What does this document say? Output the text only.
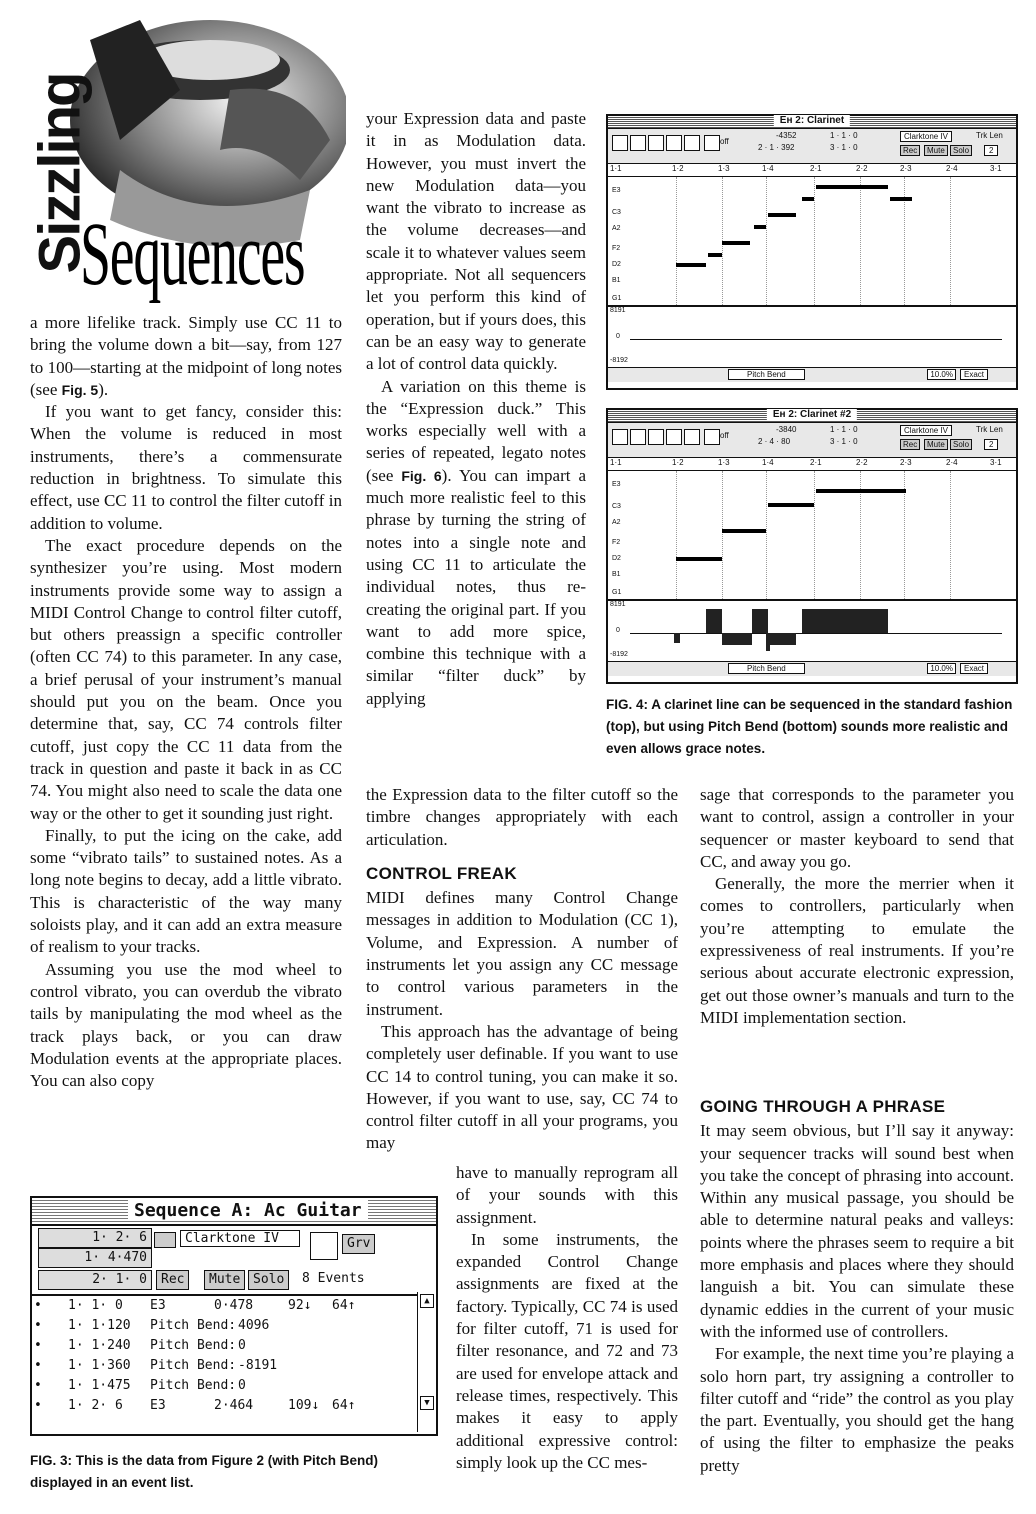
Sizzling
Sequences

a more lifelike track. Simply use CC 11 to bring the volume down a bit—say, from 127 to 100—starting at the midpoint of long notes (see Fig. 5).

If you want to get fancy, consider this: When the volume is reduced in most instruments, there’s a commensurate reduction in brightness. To simulate this effect, use CC 11 to control the filter cutoff in addition to volume.

The exact procedure depends on the synthesizer you’re using. Most modern instruments provide some way to assign a MIDI Control Change to control filter cutoff, but others preassign a specific controller (often CC 74) to this parameter. In any case, a brief perusal of your instrument’s manual should put you on the beam. Once you determine that, say, CC 74 controls filter cutoff, just copy the CC 11 data from the track in question and paste it back in as CC 74. You might also need to scale the data one way or the other to get it sounding just right.

Finally, to put the icing on the cake, add some “vibrato tails” to sustained notes. As a long note begins to decay, add a little vibrato. This is characteristic of the way many soloists play, and it can add an extra measure of realism to your tracks.

Assuming you use the mod wheel to control vibrato, you can overdub the vibrato tails by manipulating the mod wheel as the track plays back, or you can draw Modulation events at the appropriate places. You can also copy

your Expression data and paste it in as Modulation data. However, you must invert the new Modulation data—you want the vibrato to increase as the volume decreases—and scale it to whatever values seem appropriate. Not all sequencers let you perform this kind of operation, but if yours does, this can be an easy way to generate a lot of control data quickly.

A variation on this theme is the “Expression duck.” This works especially well with a series of repeated, legato notes (see Fig. 6). You can impart a much more realistic feel to this phrase by turning the string of notes into a single note and using CC 11 to articulate the individual notes, thus re-creating the original part. If you want to add more spice, combine this technique with a similar “filter duck” by applying

the Expression data to the filter cutoff so the timbre changes appropriately with each articulation.

CONTROL FREAK

MIDI defines many Control Change messages in addition to Modulation (CC 1), Volume, and Expression. A number of instruments let you assign any CC message to control various parameters in the instrument.

This approach has the advantage of being completely user definable. If you want to use CC 14 to control tuning, you can make it so. However, if you want to use, say, CC 74 to control filter cutoff in all your programs, you may

have to manually reprogram all of your sounds with this assignment.

In some instruments, the expanded Control Change assignments are fixed at the factory. Typically, CC 74 is used for filter cutoff, 71 is used for filter resonance, and 72 and 73 are used for envelope attack and release times, respectively. This makes it easy to apply additional expressive control: simply look up the CC mes-

sage that corresponds to the parameter you want to control, assign a controller in your sequencer or master keyboard to send that CC, and away you go.

Generally, the more the merrier when it comes to controllers, particularly when you’re attempting to emulate the expressiveness of real instruments. If you’re serious about accurate electronic expression, get out those owner’s manuals and turn to the MIDI implementation section.

GOING THROUGH A PHRASE

It may seem obvious, but I’ll say it anyway: your sequencer tracks will sound best when you take the concept of phrasing into account. Within any musical passage, you should be able to determine natural peaks and valleys: points where the phrases seem to require a bit more emphasis and places where they should languish a bit. You can simulate these dynamic eddies in the current of your music with the informed use of controllers.

For example, the next time you’re playing a solo horn part, try assigning a controller to filter cutoff and “ride” the control as you play the part. Eventually, you should get the hang of using the filter to emphasize the peaks pretty

Ен 2: Clarinet
off
-4352
2 · 1 · 392
1 · 1 · 0
3 · 1 · 0
Clarktone IV
Rec	Mute	Solo
Trk Len
2
1·1	1·2	1·3	1·4	2·1	2·2	2·3	2·4	3·1
E3
C3
A2
F2
D2
B1
G1
8191
0
-8192
Pitch Bend	10.0%	Exact
Ен 2: Clarinet #2
off
-3840
2 · 4 · 80
1 · 1 · 0
3 · 1 · 0
Clarktone IV
Rec	Mute	Solo
Trk Len
2
1·1	1·2	1·3	1·4	2·1	2·2	2·3	2·4	3·1
E3
C3
A2
F2
D2
B1
G1
8191
0
-8192
Pitch Bend	10.0%	Exact
FIG. 4: A clarinet line can be sequenced in the standard fashion (top), but using Pitch Bend (bottom) sounds more realistic and even allows grace notes.
Sequence A: Ac Guitar
1· 2· 6
1· 4·470
2· 1· 0
Clarktone IV	Grv
Rec	Mute Solo	8 Events
• 1· 1· 0 E3	0·478	92↓ 64↑
• 1· 1·120 Pitch Bend: 4096
• 1· 1·240 Pitch Bend: 0
• 1· 1·360 Pitch Bend: -8191
• 1· 1·475 Pitch Bend: 0
• 1· 2· 6 E3	2·464	109↓ 64↑
▲
▼
FIG. 3: This is the data from Figure 2 (with Pitch Bend) displayed in an event list.
